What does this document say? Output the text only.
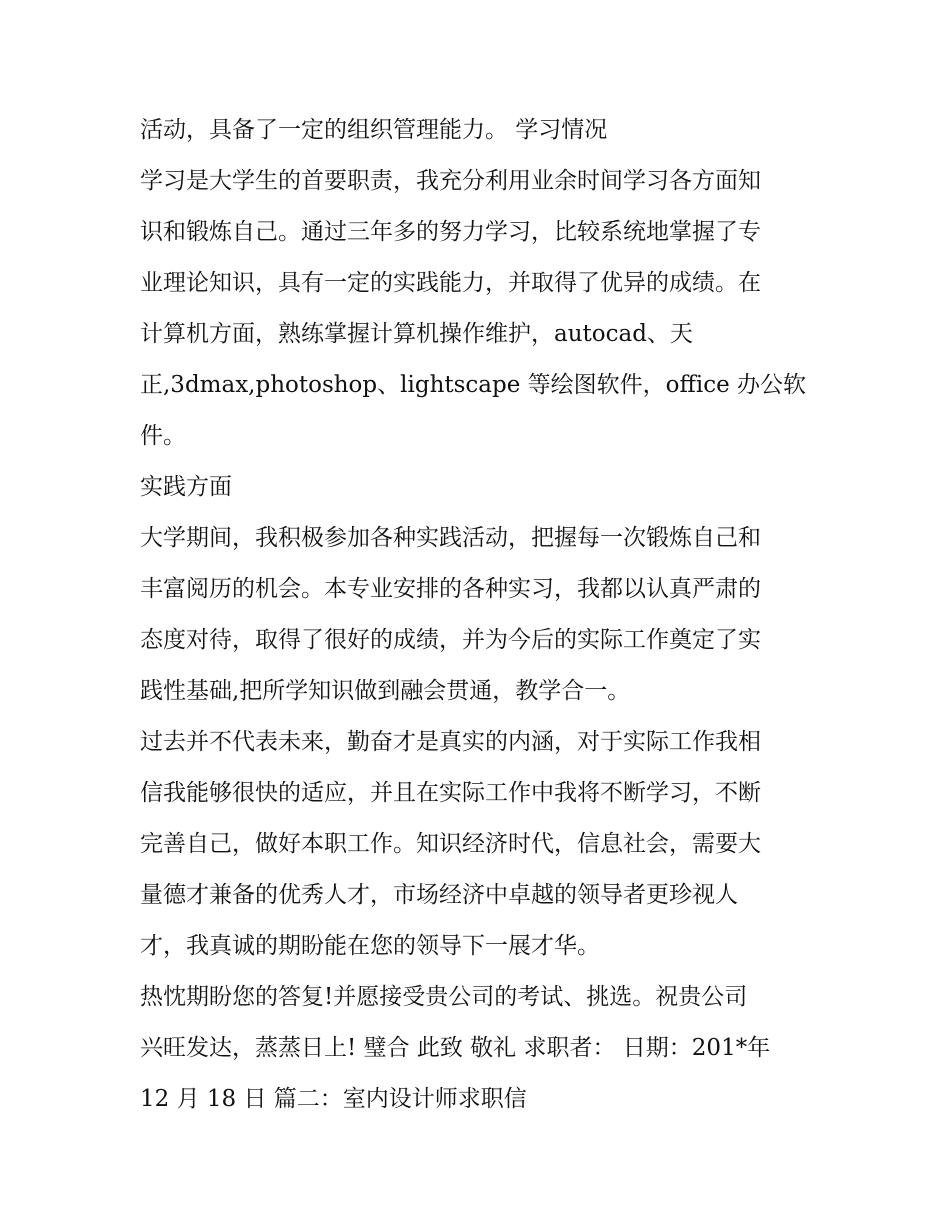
活动，具备了一定的组织管理能力。 学习情况
学习是大学生的首要职责，我充分利用业余时间学习各方面知
识和锻炼自己。通过三年多的努力学习，比较系统地掌握了专
业理论知识，具有一定的实践能力，并取得了优异的成绩。在
计算机方面，熟练掌握计算机操作维护，autocad、天
正,3dmax,photoshop、lightscape 等绘图软件，office 办公软
件。
实践方面
大学期间，我积极参加各种实践活动，把握每一次锻炼自己和
丰富阅历的机会。本专业安排的各种实习，我都以认真严肃的
态度对待，取得了很好的成绩，并为今后的实际工作奠定了实
践性基础,把所学知识做到融会贯通，教学合一。
过去并不代表未来，勤奋才是真实的内涵，对于实际工作我相
信我能够很快的适应，并且在实际工作中我将不断学习，不断
完善自己，做好本职工作。知识经济时代，信息社会，需要大
量德才兼备的优秀人才，市场经济中卓越的领导者更珍视人
才，我真诚的期盼能在您的领导下一展才华。
热忱期盼您的答复!并愿接受贵公司的考试、挑选。祝贵公司
兴旺发达，蒸蒸日上! 璧合 此致 敬礼 求职者： 日期：201*年
12 月 18 日 篇二：室内设计师求职信
